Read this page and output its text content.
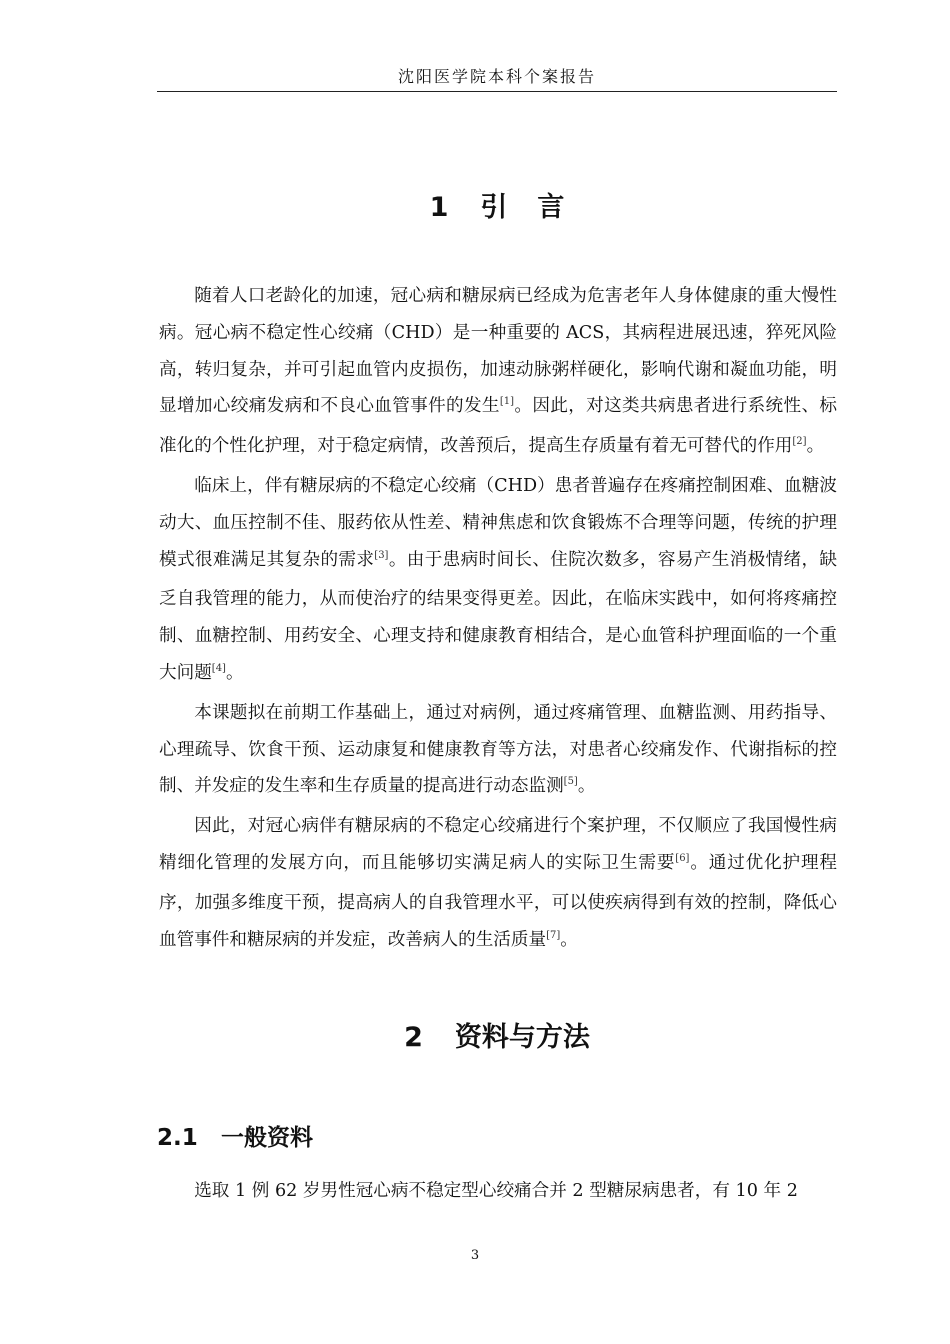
沈阳医学院本科个案报告
1 引言

随着人口老龄化的加速，冠心病和糖尿病已经成为危害老年人身体健康的重大慢性病。冠心病不稳定性心绞痛（CHD）是一种重要的 ACS，其病程进展迅速，猝死风险高，转归复杂，并可引起血管内皮损伤，加速动脉粥样硬化，影响代谢和凝血功能，明显增加心绞痛发病和不良心血管事件的发生[1]。因此，对这类共病患者进行系统性、标准化的个性化护理，对于稳定病情，改善预后，提高生存质量有着无可替代的作用[2]。

临床上，伴有糖尿病的不稳定心绞痛（CHD）患者普遍存在疼痛控制困难、血糖波动大、血压控制不佳、服药依从性差、精神焦虑和饮食锻炼不合理等问题，传统的护理模式很难满足其复杂的需求[3]。由于患病时间长、住院次数多，容易产生消极情绪，缺乏自我管理的能力，从而使治疗的结果变得更差。因此，在临床实践中，如何将疼痛控制、血糖控制、用药安全、心理支持和健康教育相结合，是心血管科护理面临的一个重大问题[4]。

本课题拟在前期工作基础上，通过对病例，通过疼痛管理、血糖监测、用药指导、心理疏导、饮食干预、运动康复和健康教育等方法，对患者心绞痛发作、代谢指标的控制、并发症的发生率和生存质量的提高进行动态监测[5]。

因此，对冠心病伴有糖尿病的不稳定心绞痛进行个案护理，不仅顺应了我国慢性病精细化管理的发展方向，而且能够切实满足病人的实际卫生需要[6]。通过优化护理程序，加强多维度干预，提高病人的自我管理水平，可以使疾病得到有效的控制，降低心血管事件和糖尿病的并发症，改善病人的生活质量[7]。

2 资料与方法
2.1 一般资料

选取 1 例 62 岁男性冠心病不稳定型心绞痛合并 2 型糖尿病患者，有 10 年 2

3
